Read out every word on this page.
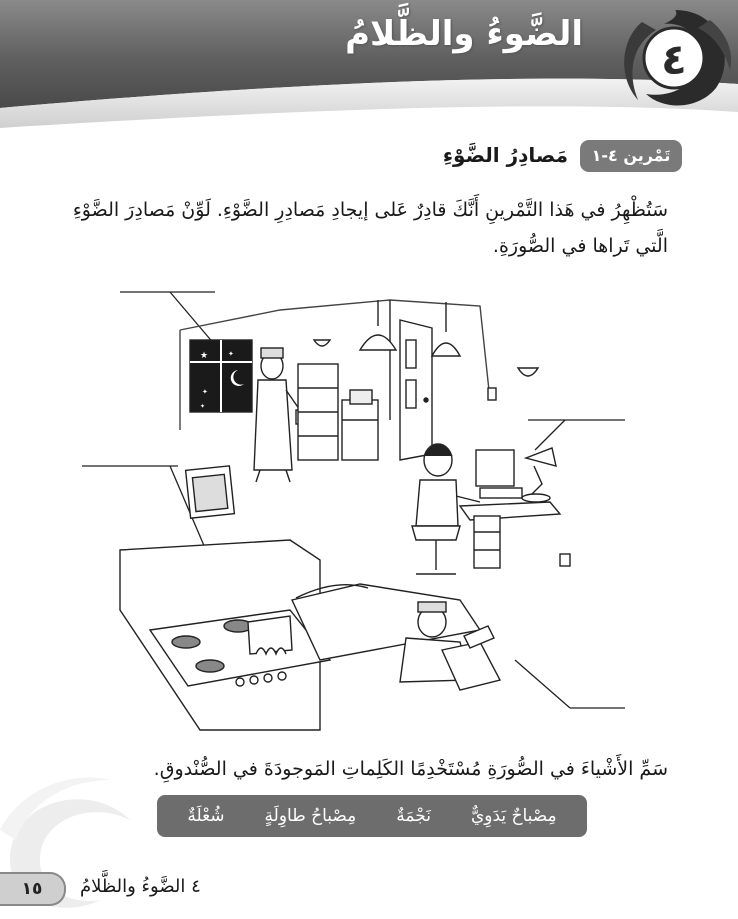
الضَّوءُ والظَّلامُ
٤
تَمْرين ٤-١
مَصادِرُ الضَّوْءِ
سَتُظْهِرُ في هَذا التَّمْرينِ أَنَّكَ قادِرٌ عَلى إيجادِ مَصادِرِ الضَّوْءِ. لَوِّنْ مَصادِرَ الضَّوْءِ الَّتي تَراها في الصُّورَةِ.
★	✦
✦
✦
سَمِّ الأَشْياءَ في الصُّورَةِ مُسْتَخْدِمًا الكَلِماتِ المَوجودَةَ في الصُّنْدوقِ.
شُعْلَةٌ مِصْباحُ طاوِلَةٍ نَجْمَةٌ مِصْباحٌ يَدَوِيٌّ
١٥	٤ الضَّوءُ والظَّلامُ
